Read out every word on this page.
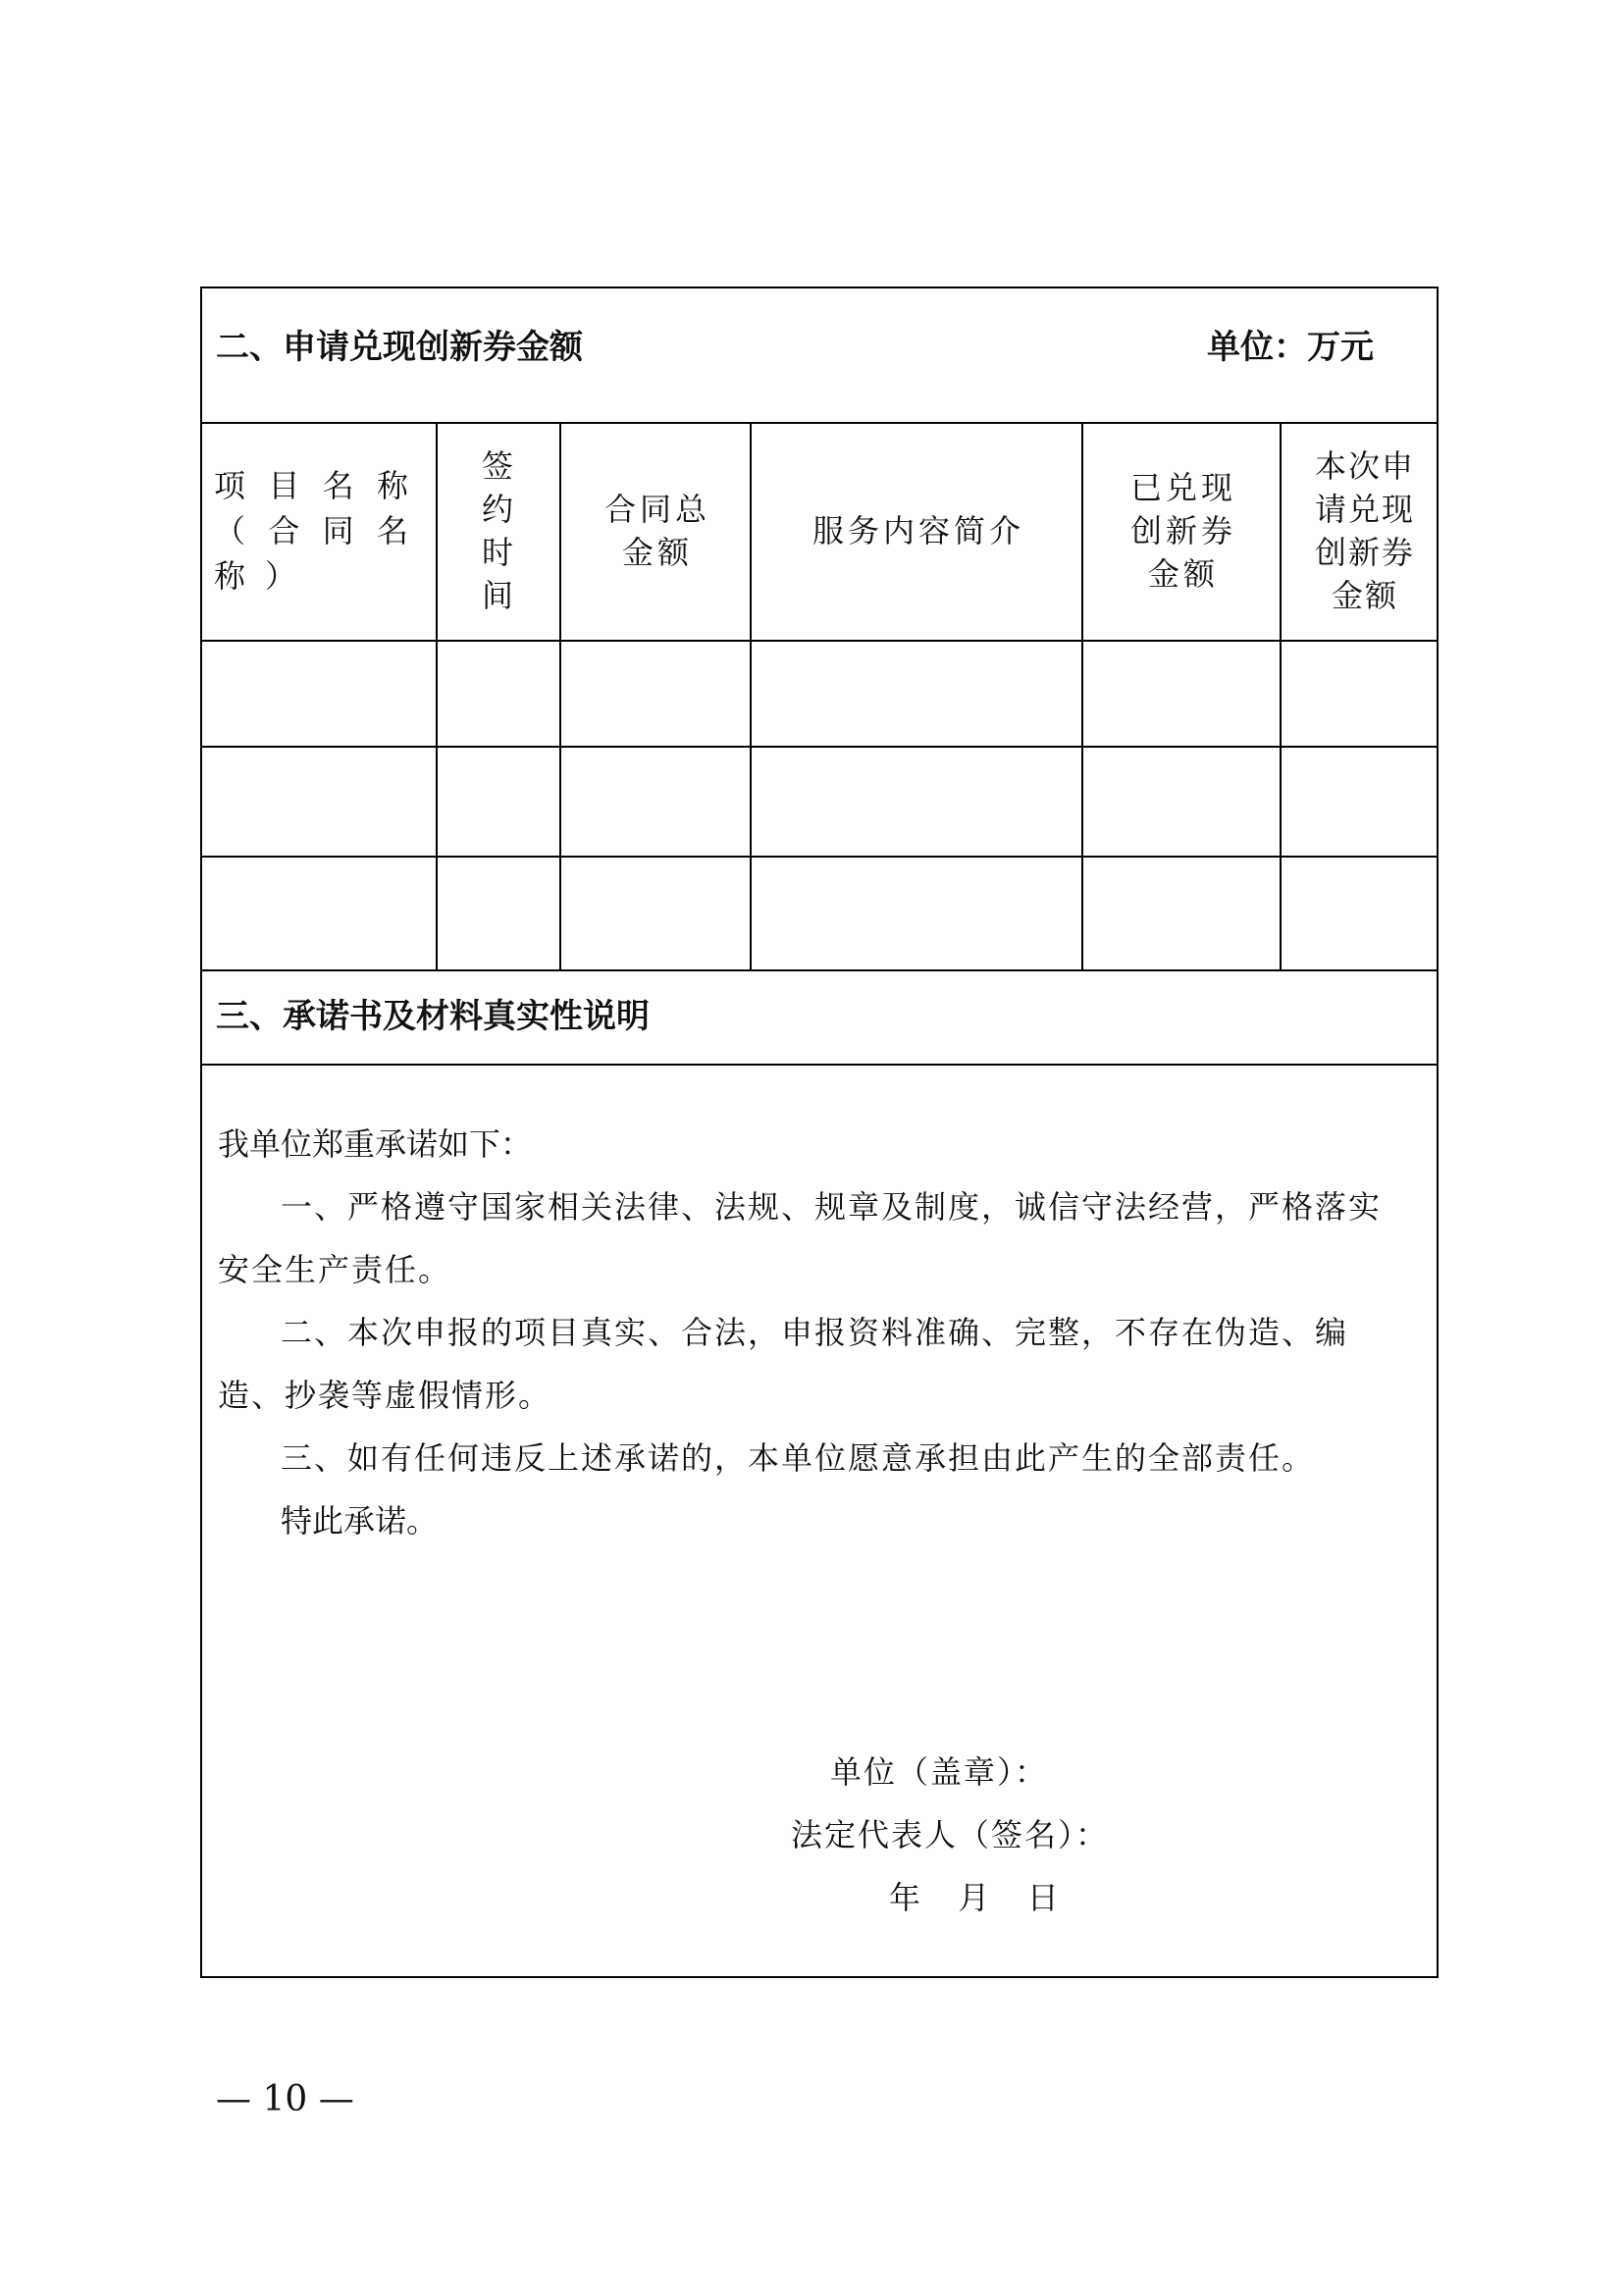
二、申请兑现创新券金额	单位：万元
项目名称（合同名称）
签约时间
合同总金额
服务内容简介
已兑现创新券金额
本次申请兑现创新券金额
三、承诺书及材料真实性说明

我单位郑重承诺如下：

一、严格遵守国家相关法律、法规、规章及制度，诚信守法经营，严格落实安全生产责任。

二、本次申报的项目真实、合法，申报资料准确、完整，不存在伪造、编造、抄袭等虚假情形。

三、如有任何违反上述承诺的，本单位愿意承担由此产生的全部责任。

特此承诺。

单位（盖章）：
法定代表人（签名）：
年  月  日
— 10 —
